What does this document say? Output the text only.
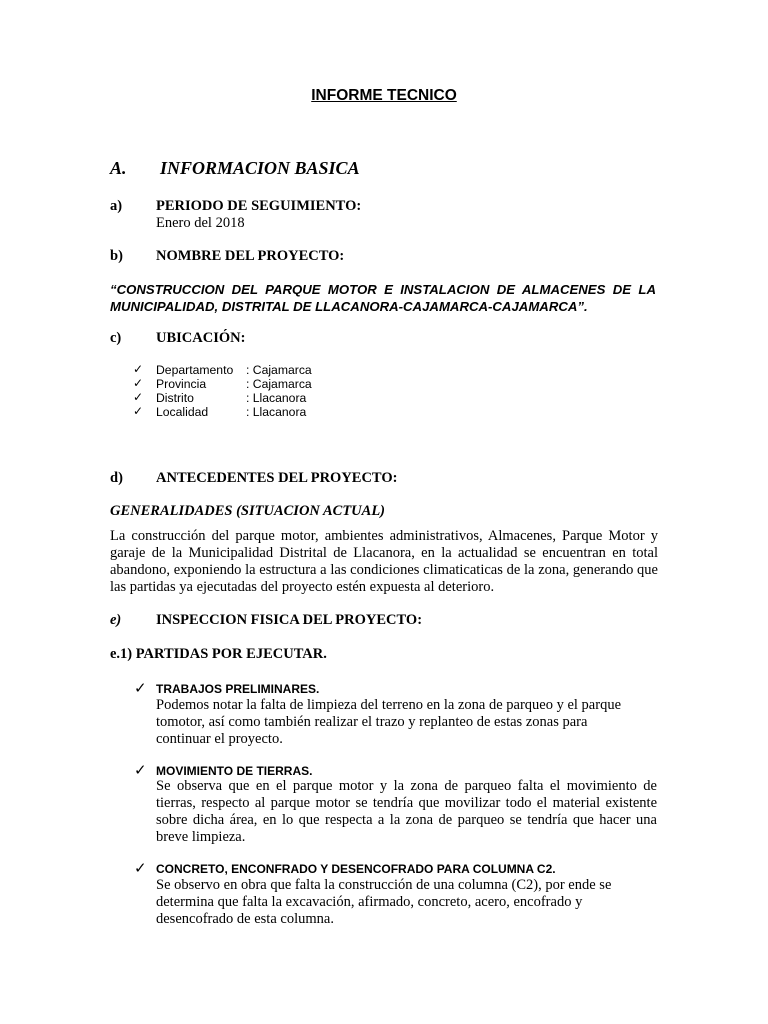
INFORME TECNICO
A. INFORMACION BASICA
a) PERIODO DE SEGUIMIENTO:
Enero del 2018
b) NOMBRE DEL PROYECTO:
“CONSTRUCCION DEL PARQUE MOTOR E INSTALACION DE ALMACENES DE LA MUNICIPALIDAD, DISTRITAL DE LLACANORA-CAJAMARCA-CAJAMARCA”.
c) UBICACIÓN:
✓ Departamento : Cajamarca
✓ Provincia	: Cajamarca
✓ Distrito	: Llacanora
✓ Localidad	: Llacanora
d) ANTECEDENTES DEL PROYECTO:
GENERALIDADES (SITUACION ACTUAL)
La construcción del parque motor, ambientes administrativos, Almacenes, Parque Motor y garaje de la Municipalidad Distrital de Llacanora, en la actualidad se encuentran en total abandono, exponiendo la estructura a las condiciones climaticaticas de la zona, generando que las partidas ya ejecutadas del proyecto estén expuesta al deterioro.
e) INSPECCION FISICA DEL PROYECTO:
e.1) PARTIDAS POR EJECUTAR.
✓ TRABAJOS PRELIMINARES.
Podemos notar la falta de limpieza del terreno en la zona de parqueo y el parque
tomotor, así como también realizar el trazo y replanteo de estas zonas para
continuar el proyecto.
✓ MOVIMIENTO DE TIERRAS.
Se observa que en el parque motor y la zona de parqueo falta el movimiento de tierras, respecto al parque motor se tendría que movilizar todo el material existente sobre dicha área, en lo que respecta a la zona de parqueo se tendría que hacer una breve limpieza.
✓ CONCRETO, ENCONFRADO Y DESENCOFRADO PARA COLUMNA C2.
Se observo en obra que falta la construcción de una columna (C2), por ende se
determina que falta la excavación, afirmado, concreto, acero, encofrado y
desencofrado de esta columna.
